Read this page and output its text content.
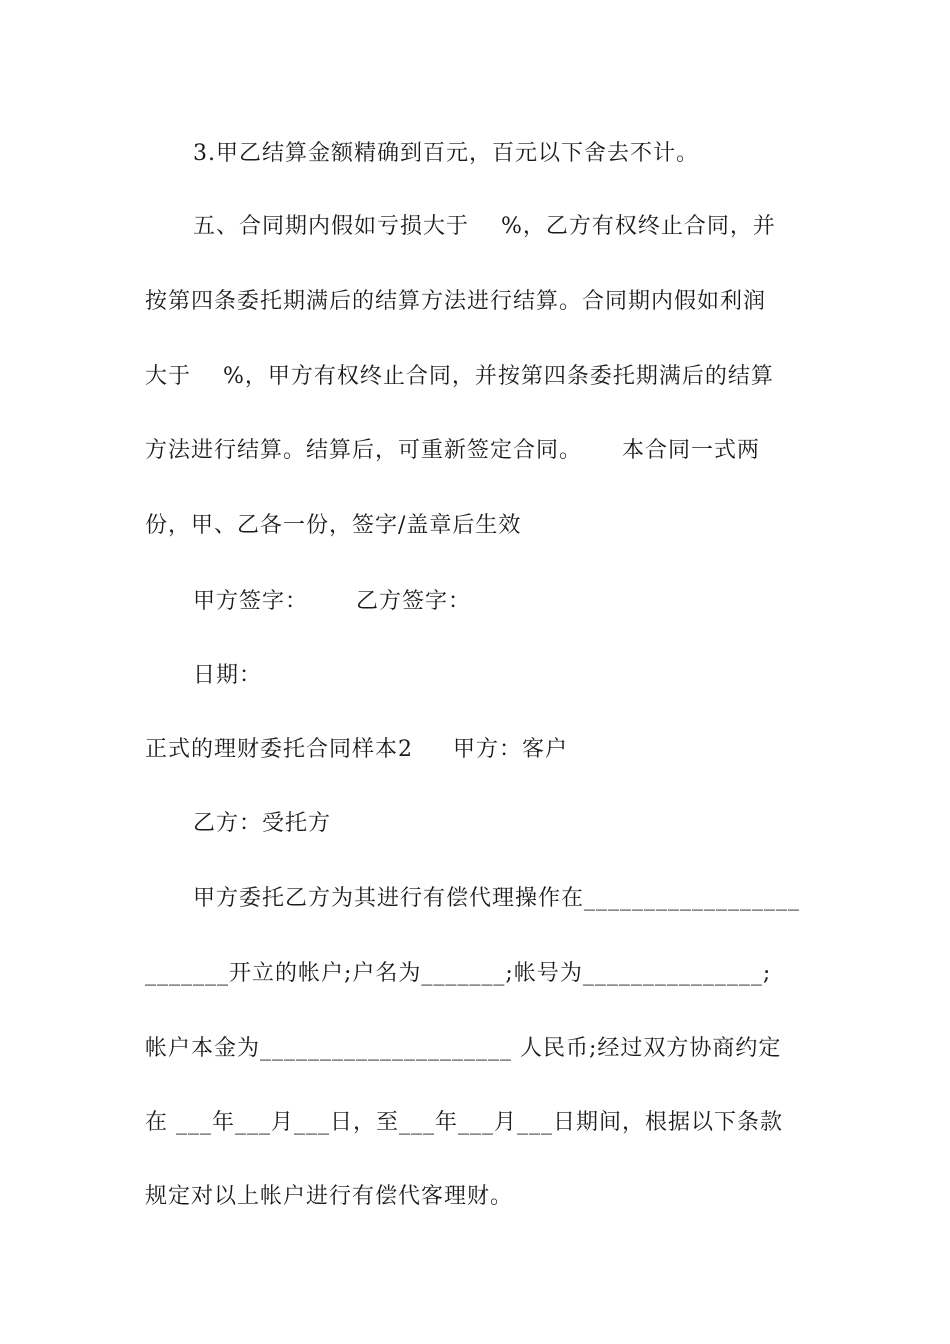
3.甲乙结算金额精确到百元，百元以下舍去不计。
五、合同期内假如亏损大于    %，乙方有权终止合同，并
按第四条委托期满后的结算方法进行结算。合同期内假如利润
大于    %，甲方有权终止合同，并按第四条委托期满后的结算
方法进行结算。结算后，可重新签定合同。     本合同一式两
份，甲、乙各一份，签字/盖章后生效
甲方签字：      乙方签字：
日期：
正式的理财委托合同样本2     甲方：客户
乙方：受托方
甲方委托乙方为其进行有偿代理操作在__________________
_______开立的帐户;户名为_______;帐号为_______________;
帐户本金为_____________________ 人民币;经过双方协商约定
在 ___年___月___日，至___年___月___日期间，根据以下条款
规定对以上帐户进行有偿代客理财。
